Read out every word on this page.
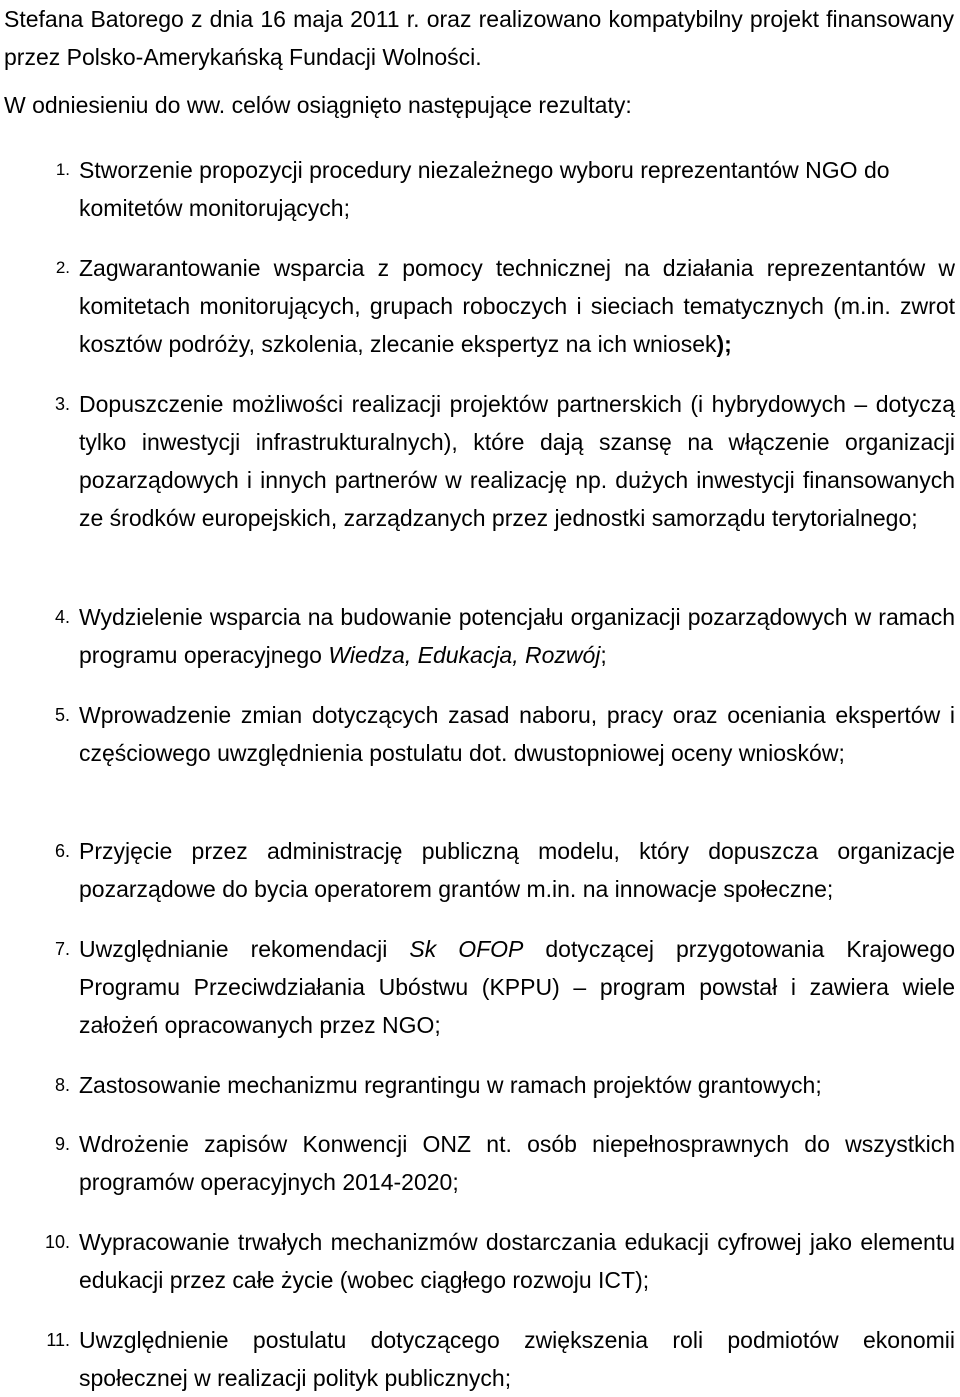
Stefana Batorego z dnia 16 maja 2011 r. oraz realizowano kompatybilny projekt finansowany przez Polsko-Amerykańską Fundacji Wolności.

W odniesieniu do ww. celów osiągnięto następujące rezultaty:

1. Stworzenie propozycji procedury niezależnego wyboru reprezentantów NGO do komitetów monitorujących;
2. Zagwarantowanie wsparcia z pomocy technicznej na działania reprezentantów w komitetach monitorujących, grupach roboczych i sieciach tematycznych (m.in. zwrot kosztów podróży, szkolenia, zlecanie ekspertyz na ich wniosek);
3. Dopuszczenie możliwości realizacji projektów partnerskich (i hybrydowych – dotyczą tylko inwestycji infrastrukturalnych), które dają szansę na włączenie organizacji pozarządowych i innych partnerów w realizację np. dużych inwestycji finansowanych ze środków europejskich, zarządzanych przez jednostki samorządu terytorialnego;
4. Wydzielenie wsparcia na budowanie potencjału organizacji pozarządowych w ramach programu operacyjnego Wiedza, Edukacja, Rozwój;
5. Wprowadzenie zmian dotyczących zasad naboru, pracy oraz oceniania ekspertów i częściowego uwzględnienia postulatu dot. dwustopniowej oceny wniosków;
6. Przyjęcie przez administrację publiczną modelu, który dopuszcza organizacje pozarządowe do bycia operatorem grantów m.in. na innowacje społeczne;
7. Uwzględnianie rekomendacji Sk OFOP dotyczącej przygotowania Krajowego Programu Przeciwdziałania Ubóstwu (KPPU) – program powstał i zawiera wiele założeń opracowanych przez NGO;
8. Zastosowanie mechanizmu regrantingu w ramach projektów grantowych;
9. Wdrożenie zapisów Konwencji ONZ nt. osób niepełnosprawnych do wszystkich programów operacyjnych 2014-2020;
10. Wypracowanie trwałych mechanizmów dostarczania edukacji cyfrowej jako elementu edukacji przez całe życie (wobec ciągłego rozwoju ICT);
11. Uwzględnienie postulatu dotyczącego zwiększenia roli podmiotów ekonomii społecznej w realizacji polityk publicznych;
